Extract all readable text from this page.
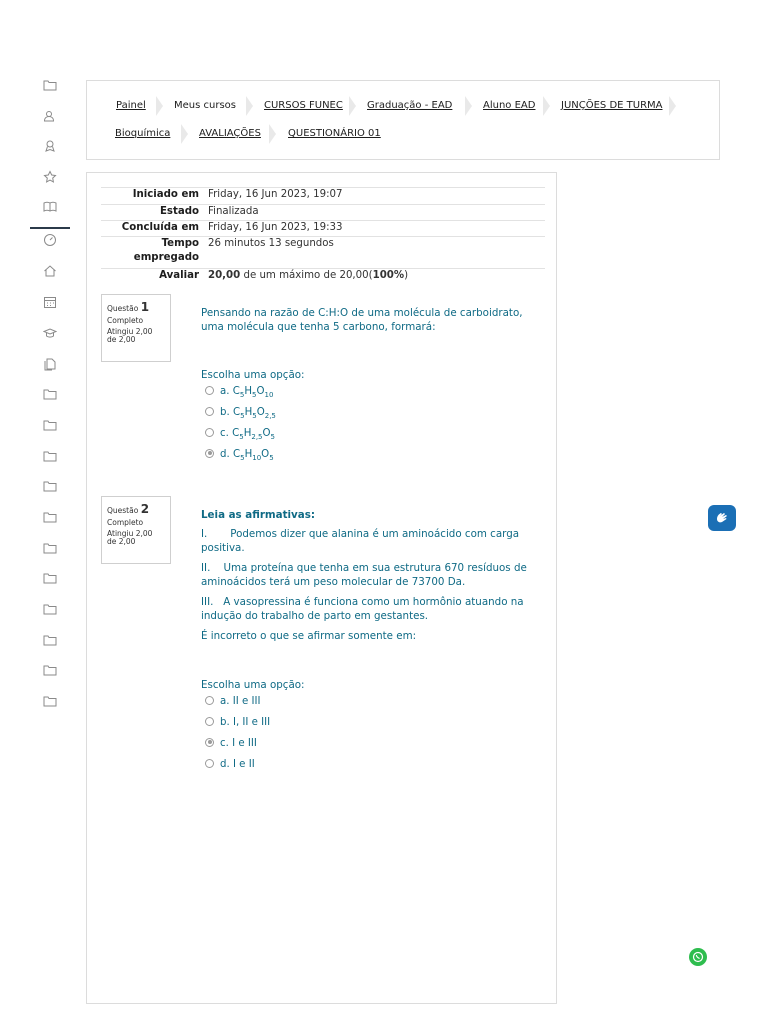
Painel	Meus cursos	CURSOS FUNEC Graduação - EAD	Aluno EAD	JUNÇÕES DE TURMA
Bioquímica	AVALIAÇÕES	QUESTIONÁRIO 01
Iniciado em Friday, 16 Jun 2023, 19:07
Estado Finalizada
Concluída em Friday, 16 Jun 2023, 19:33
Tempo
empregado
26 minutos 13 segundos
Avaliar 20,00 de um máximo de 20,00(100%)
Questão 1
Completo
Atingiu 2,00
de 2,00
Pensando na razão de C:H:O de uma molécula de carboidrato, uma molécula que tenha 5 carbono, formará:
Escolha uma opção:
a. $C_5H_5O_{10}$
b. $C_5H_5O_{2,5}$
c. $C_5H_{2,5}O_5$
d. $C_5H_{10}O_5$
Questão 2
Completo
Atingiu 2,00
de 2,00
Leia as afirmativas:
I. Podemos dizer que alanina é um aminoácido com carga positiva.
II. Uma proteína que tenha em sua estrutura 670 resíduos de aminoácidos terá um peso molecular de 73700 Da.
III. A vasopressina é funciona como um hormônio atuando na indução do trabalho de parto em gestantes.
É incorreto o que se afirmar somente em:
Escolha uma opção:
a. II e III
b. I, II e III
c. I e III
d. I e II
